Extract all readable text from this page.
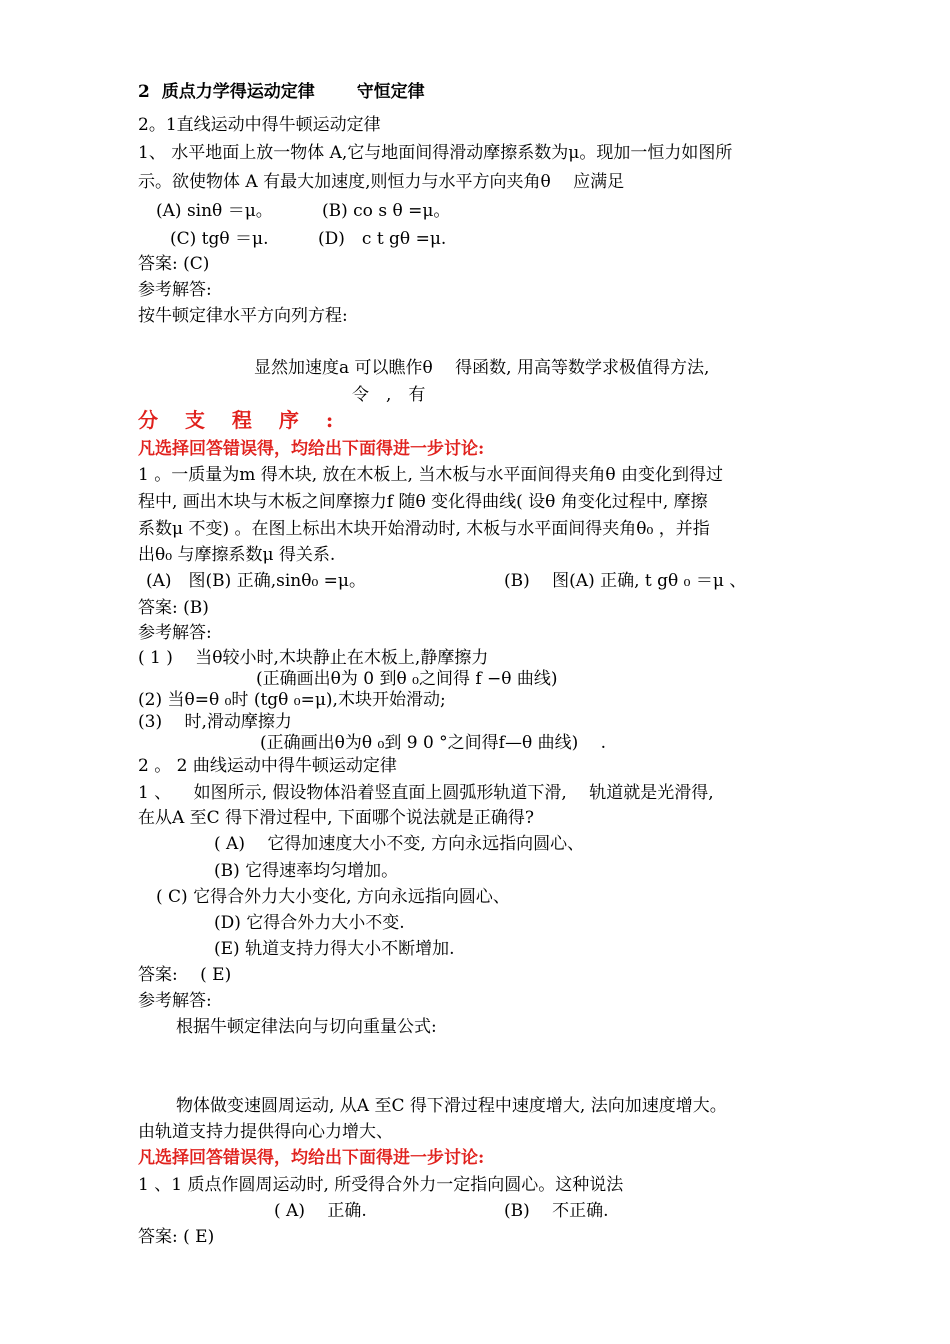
2 质点力学得运动定律 守恒定律
2。1直线运动中得牛顿运动定律
1、 水平地面上放一物体 A,它与地面间得滑动摩擦系数为μ。现加一恒力如图所
示。欲使物体 A 有最大加速度,则恒力与水平方向夹角θ 　应满足
(A) sinθ ＝μ。	(B) co s θ =μ。
(C) tgθ ＝μ.	(D)　c t gθ =μ.
答案: (C)
参考解答:
按牛顿定律水平方向列方程:
显然加速度a 可以瞧作θ　 得函数, 用高等数学求极值得方法,
令　,　有
分 支 程 序 :
凡选择回答错误得，均给出下面得进一步讨论:
1 。一质量为m 得木块, 放在木板上, 当木板与水平面间得夹角θ 由变化到得过
程中, 画出木块与木板之间摩擦力f 随θ 变化得曲线( 设θ 角变化过程中, 摩擦
系数μ 不变) 。在图上标出木块开始滑动时, 木板与水平面间得夹角θ₀ ，并指
出θ₀ 与摩擦系数μ 得关系.
(A)　图(B) 正确,sinθ₀ =μ。	(B)　 图(A) 正确, t gθ ₀ ＝μ 、
答案: (B)
参考解答:
( 1 ) 　当θ较小时,木块静止在木板上,静摩擦力
(正确画出θ为 0 到θ ₀之间得 f −θ 曲线)
(2) 当θ=θ ₀时 (tgθ ₀=μ),木块开始滑动;
(3) 　时,滑动摩擦力
(正确画出θ为θ ₀到 9 0 °之间得f—θ 曲线) 　.
2 。 2 曲线运动中得牛顿运动定律
1 、 　如图所示, 假设物体沿着竖直面上圆弧形轨道下滑, 　轨道就是光滑得,
在从A 至C 得下滑过程中, 下面哪个说法就是正确得?
( A) 　它得加速度大小不变, 方向永远指向圆心、
(B) 它得速率均匀增加。
( C) 它得合外力大小变化, 方向永远指向圆心、
(D) 它得合外力大小不变.
(E) 轨道支持力得大小不断增加.
答案: 　( E)
参考解答:
根据牛顿定律法向与切向重量公式:
物体做变速圆周运动, 从A 至C 得下滑过程中速度增大, 法向加速度增大。
由轨道支持力提供得向心力增大、
凡选择回答错误得，均给出下面得进一步讨论:
1 、1 质点作圆周运动时, 所受得合外力一定指向圆心。这种说法
( A) 　正确.	(B) 　不正确.
答案: ( E)
